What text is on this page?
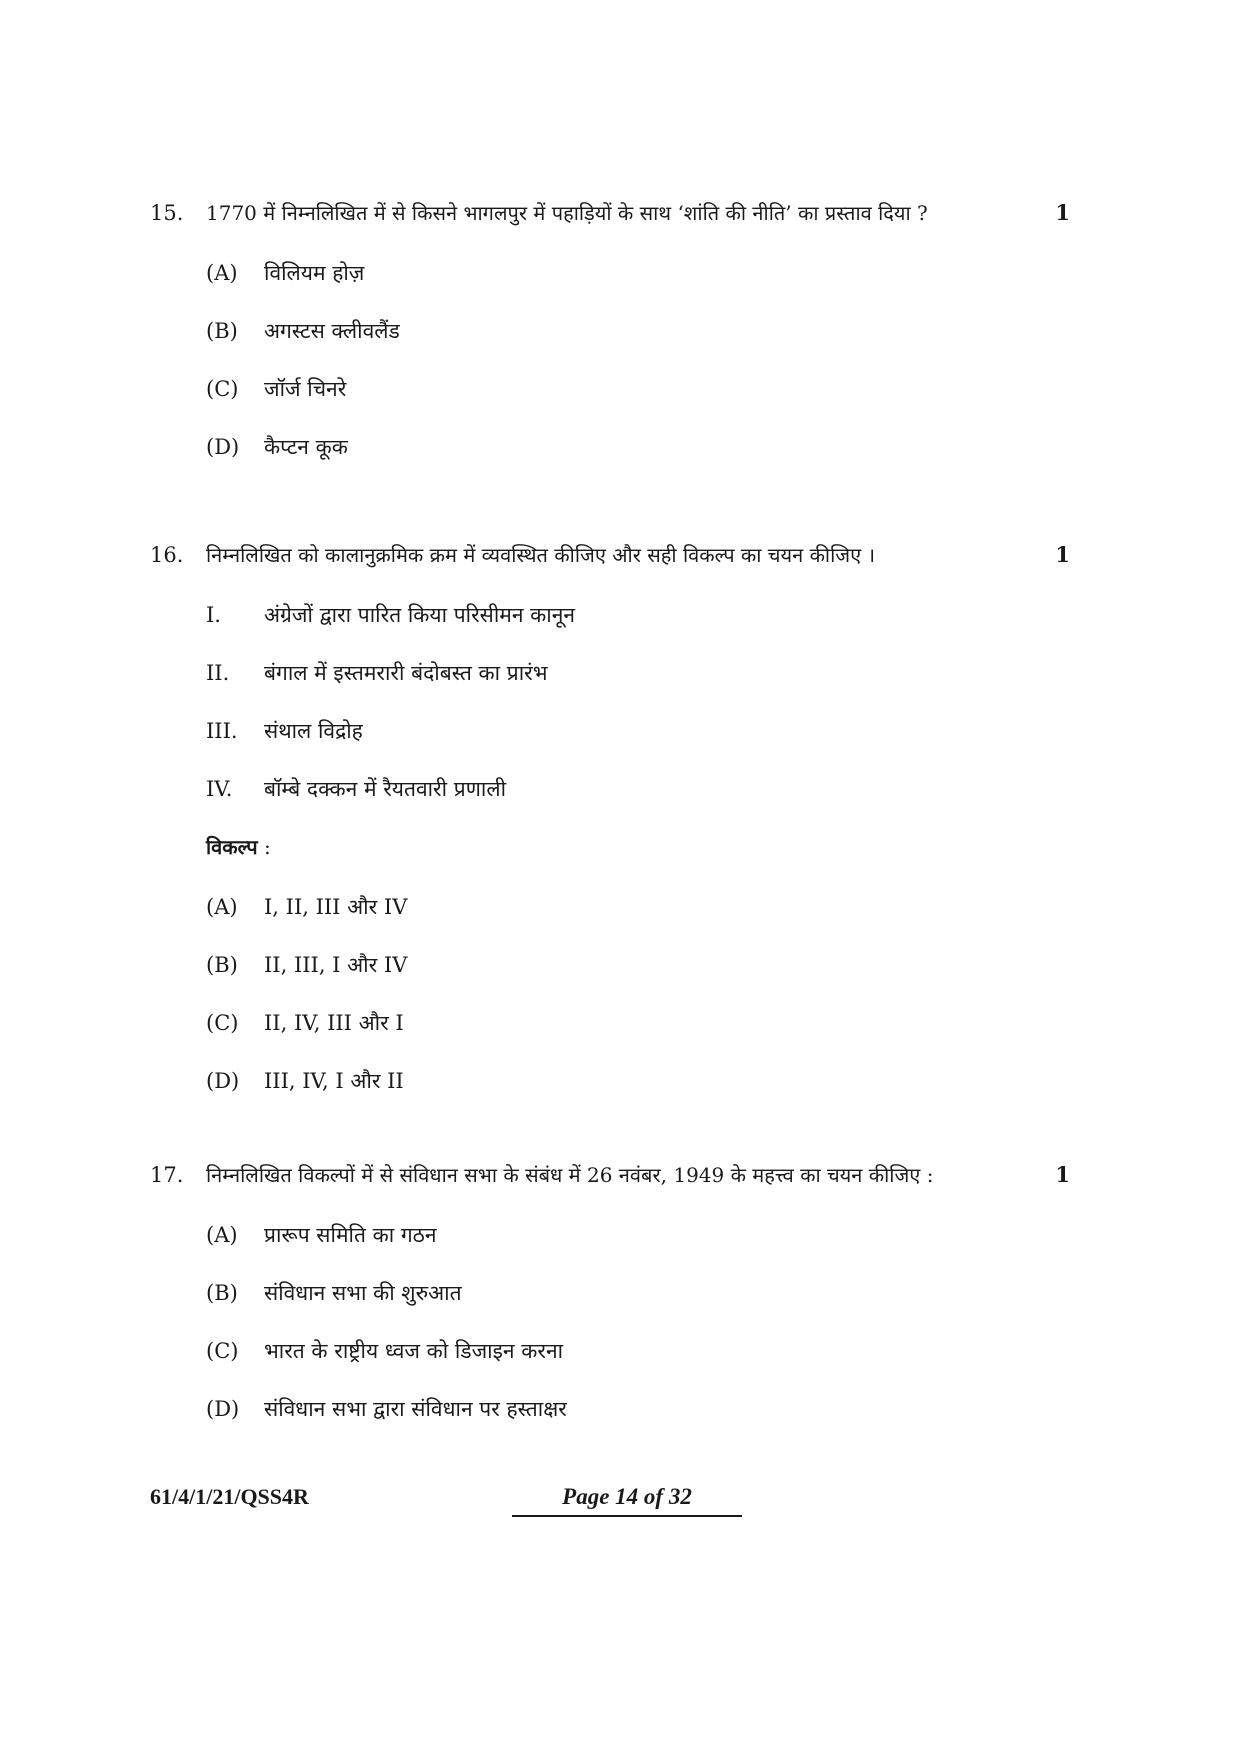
15. 1770 में निम्नलिखित में से किसने भागलपुर में पहाड़ियों के साथ ‘शांति की नीति’ का प्रस्ताव दिया ?	1
(A) विलियम होज़
(B) अगस्टस क्लीवलैंड
(C) जॉर्ज चिनरे
(D) कैप्टन कूक
16. निम्नलिखित को कालानुक्रमिक क्रम में व्यवस्थित कीजिए और सही विकल्प का चयन कीजिए ।	1
I. अंग्रेजों द्वारा पारित किया परिसीमन कानून
II. बंगाल में इस्तमरारी बंदोबस्त का प्रारंभ
III. संथाल विद्रोह
IV. बॉम्बे दक्कन में रैयतवारी प्रणाली
विकल्प :
(A) I, II, III और IV
(B) II, III, I और IV
(C) II, IV, III और I
(D) III, IV, I और II
17. निम्नलिखित विकल्पों में से संविधान सभा के संबंध में 26 नवंबर, 1949 के महत्त्व का चयन कीजिए :	1
(A) प्रारूप समिति का गठन
(B) संविधान सभा की शुरुआत
(C) भारत के राष्ट्रीय ध्वज को डिजाइन करना
(D) संविधान सभा द्वारा संविधान पर हस्ताक्षर
61/4/1/21/QSS4R	Page 14 of 32
